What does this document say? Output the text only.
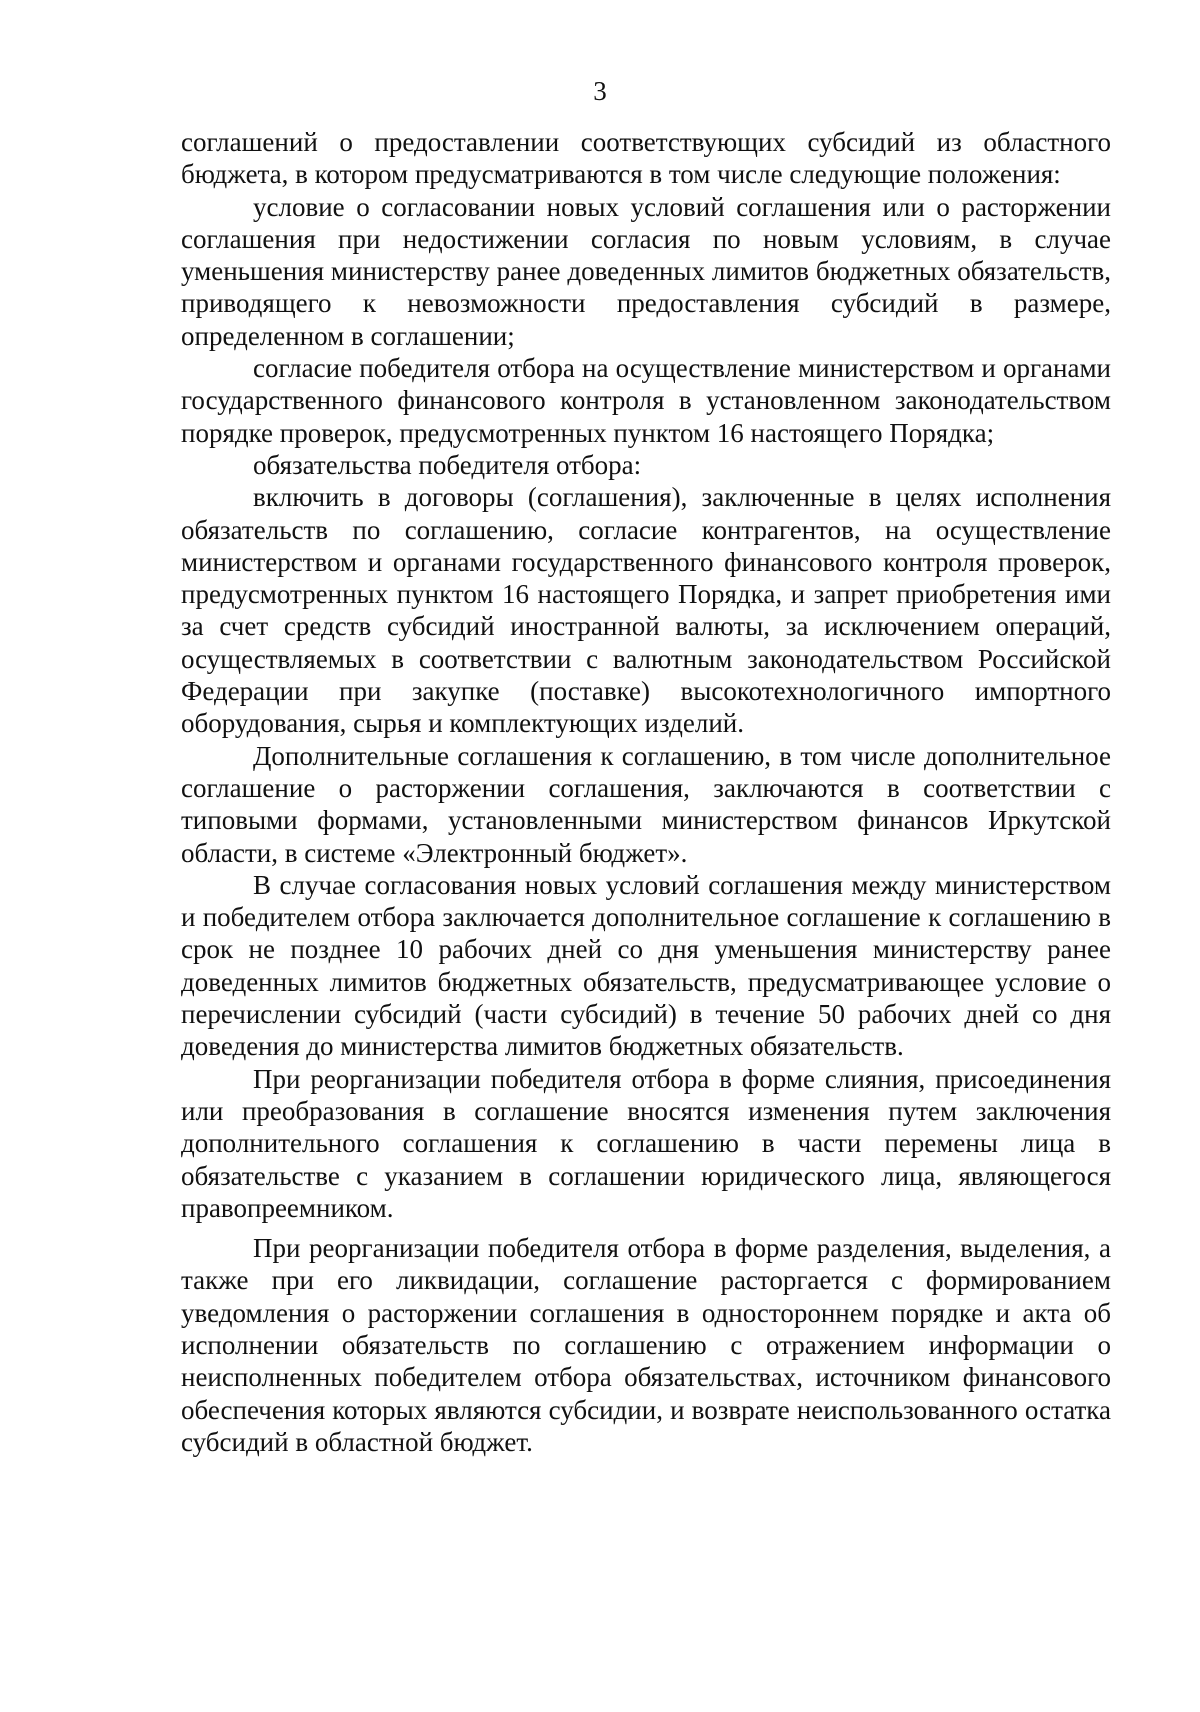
3

соглашений о предоставлении соответствующих субсидий из областного бюджета, в котором предусматриваются в том числе следующие положения:

условие о согласовании новых условий соглашения или о расторжении соглашения при недостижении согласия по новым условиям, в случае уменьшения министерству ранее доведенных лимитов бюджетных обязательств, приводящего к невозможности предоставления субсидий в размере, определенном в соглашении;

согласие победителя отбора на осуществление министерством и органами государственного финансового контроля в установленном законодательством порядке проверок, предусмотренных пунктом 16 настоящего Порядка;

обязательства победителя отбора:

включить в договоры (соглашения), заключенные в целях исполнения обязательств по соглашению, согласие контрагентов, на осуществление министерством и органами государственного финансового контроля проверок, предусмотренных пунктом 16 настоящего Порядка, и запрет приобретения ими за счет средств субсидий иностранной валюты, за исключением операций, осуществляемых в соответствии с валютным законодательством Российской Федерации при закупке (поставке) высокотехнологичного импортного оборудования, сырья и комплектующих изделий.

Дополнительные соглашения к соглашению, в том числе дополнительное соглашение о расторжении соглашения, заключаются в соответствии с типовыми формами, установленными министерством финансов Иркутской области, в системе «Электронный бюджет».

В случае согласования новых условий соглашения между министерством и победителем отбора заключается дополнительное соглашение к соглашению в срок не позднее 10 рабочих дней со дня уменьшения министерству ранее доведенных лимитов бюджетных обязательств, предусматривающее условие о перечислении субсидий (части субсидий) в течение 50 рабочих дней со дня доведения до министерства лимитов бюджетных обязательств.

При реорганизации победителя отбора в форме слияния, присоединения или преобразования в соглашение вносятся изменения путем заключения дополнительного соглашения к соглашению в части перемены лица в обязательстве с указанием в соглашении юридического лица, являющегося правопреемником.

При реорганизации победителя отбора в форме разделения, выделения, а также при его ликвидации, соглашение расторгается с формированием уведомления о расторжении соглашения в одностороннем порядке и акта об исполнении обязательств по соглашению с отражением информации о неисполненных победителем отбора обязательствах, источником финансового обеспечения которых являются субсидии, и возврате неиспользованного остатка субсидий в областной бюджет.
